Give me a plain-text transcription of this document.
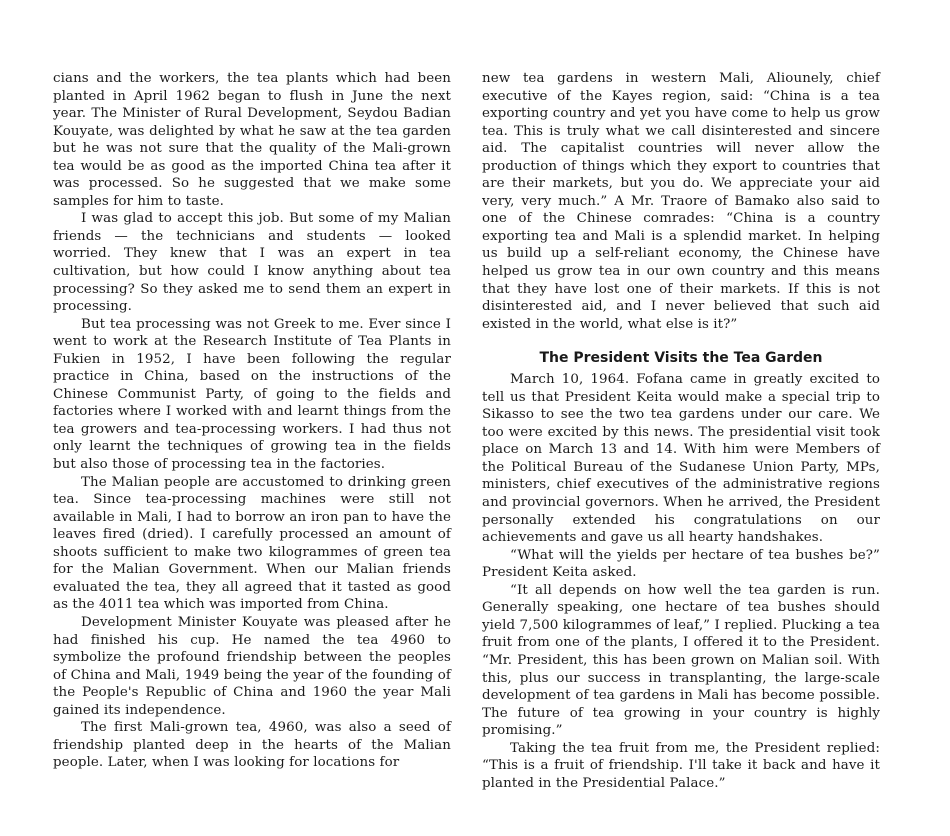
cians and the workers, the tea plants which had been planted in April 1962 began to flush in June the next year. The Minister of Rural Development, Seydou Badian Kouyate, was delighted by what he saw at the tea garden but he was not sure that the quality of the Mali-grown tea would be as good as the imported China tea after it was processed. So he suggested that we make some samples for him to taste.

I was glad to accept this job. But some of my Malian friends — the technicians and students — looked worried. They knew that I was an expert in tea cultivation, but how could I know anything about tea processing? So they asked me to send them an expert in processing.

But tea processing was not Greek to me. Ever since I went to work at the Research Institute of Tea Plants in Fukien in 1952, I have been following the regular practice in China, based on the instructions of the Chinese Communist Party, of going to the fields and factories where I worked with and learnt things from the tea growers and tea-processing workers. I had thus not only learnt the techniques of growing tea in the fields but also those of processing tea in the factories.

The Malian people are accustomed to drinking green tea. Since tea-processing machines were still not available in Mali, I had to borrow an iron pan to have the leaves fired (dried). I carefully processed an amount of shoots sufficient to make two kilogrammes of green tea for the Malian Government. When our Malian friends evaluated the tea, they all agreed that it tasted as good as the 4011 tea which was imported from China.

Development Minister Kouyate was pleased after he had finished his cup. He named the tea 4960 to symbolize the profound friendship between the peoples of China and Mali, 1949 being the year of the founding of the People's Republic of China and 1960 the year Mali gained its independence.

The first Mali-grown tea, 4960, was also a seed of friendship planted deep in the hearts of the Malian people. Later, when I was looking for locations for

new tea gardens in western Mali, Aliounely, chief executive of the Kayes region, said: “China is a tea exporting country and yet you have come to help us grow tea. This is truly what we call disinterested and sincere aid. The capitalist countries will never allow the production of things which they export to countries that are their markets, but you do. We appreciate your aid very, very much.” A Mr. Traore of Bamako also said to one of the Chinese comrades: “China is a country exporting tea and Mali is a splendid market. In helping us build up a self-reliant economy, the Chinese have helped us grow tea in our own country and this means that they have lost one of their markets. If this is not disinterested aid, and I never believed that such aid existed in the world, what else is it?”

The President Visits the Tea Garden

March 10, 1964. Fofana came in greatly excited to tell us that President Keita would make a special trip to Sikasso to see the two tea gardens under our care. We too were excited by this news. The presidential visit took place on March 13 and 14. With him were Members of the Political Bureau of the Sudanese Union Party, MPs, ministers, chief executives of the administrative regions and provincial governors. When he arrived, the President personally extended his congratulations on our achievements and gave us all hearty handshakes.

“What will the yields per hectare of tea bushes be?” President Keita asked.

“It all depends on how well the tea garden is run. Generally speaking, one hectare of tea bushes should yield 7,500 kilogrammes of leaf,” I replied. Plucking a tea fruit from one of the plants, I offered it to the President. “Mr. President, this has been grown on Malian soil. With this, plus our success in transplanting, the large-scale development of tea gardens in Mali has become possible. The future of tea growing in your country is highly promising.”

Taking the tea fruit from me, the President replied: “This is a fruit of friendship. I'll take it back and have it planted in the Presidential Palace.”
